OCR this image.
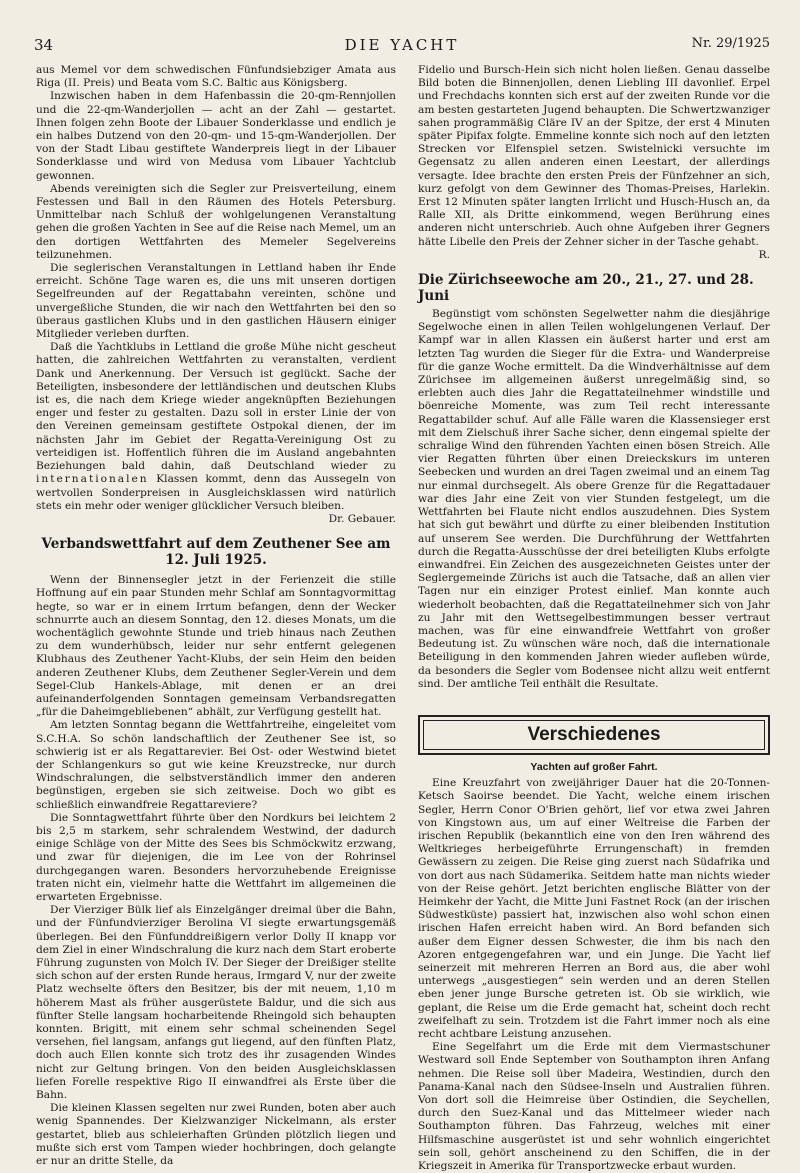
34	DIE YACHT	Nr. 29/1925

aus Memel vor dem schwedischen Fünfundsiebziger Amata aus Riga (II. Preis) und Beata vom S.C. Baltic aus Königsberg.

Inzwischen haben in dem Hafenbassin die 20-qm-Rennjollen und die 22-qm-Wanderjollen — acht an der Zahl — gestartet. Ihnen folgen zehn Boote der Libauer Sonderklasse und endlich je ein halbes Dutzend von den 20-qm- und 15-qm-Wanderjollen. Der von der Stadt Libau gestiftete Wanderpreis liegt in der Libauer Sonderklasse und wird von Medusa vom Libauer Yachtclub gewonnen.

Abends vereinigten sich die Segler zur Preisverteilung, einem Festessen und Ball in den Räumen des Hotels Petersburg. Unmittelbar nach Schluß der wohlgelungenen Veranstaltung gehen die großen Yachten in See auf die Reise nach Memel, um an den dortigen Wettfahrten des Memeler Segelvereins teilzunehmen.

Die seglerischen Veranstaltungen in Lettland haben ihr Ende erreicht. Schöne Tage waren es, die uns mit unseren dortigen Segelfreunden auf der Regattabahn vereinten, schöne und unvergeßliche Stunden, die wir nach den Wettfahrten bei den so überaus gastlichen Klubs und in den gastlichen Häusern einiger Mitglieder verleben durften.

Daß die Yachtklubs in Lettland die große Mühe nicht gescheut hatten, die zahlreichen Wettfahrten zu veranstalten, verdient Dank und Anerkennung. Der Versuch ist geglückt. Sache der Beteiligten, insbesondere der lettländischen und deutschen Klubs ist es, die nach dem Kriege wieder angeknüpften Beziehungen enger und fester zu gestalten. Dazu soll in erster Linie der von den Vereinen gemeinsam gestiftete Ostpokal dienen, der im nächsten Jahr im Gebiet der Regatta-Vereinigung Ost zu verteidigen ist. Hoffentlich führen die im Ausland angebahnten Beziehungen bald dahin, daß Deutschland wieder zu internationalen Klassen kommt, denn das Aussegeln von wertvollen Sonderpreisen in Ausgleichsklassen wird natürlich stets ein mehr oder weniger glücklicher Versuch bleiben.

Dr. Gebauer.
Verbandswettfahrt auf dem Zeuthener See am 12. Juli 1925.

Wenn der Binnensegler jetzt in der Ferienzeit die stille Hoffnung auf ein paar Stunden mehr Schlaf am Sonntagvormittag hegte, so war er in einem Irrtum befangen, denn der Wecker schnurrte auch an diesem Sonntag, den 12. dieses Monats, um die wochentäglich gewohnte Stunde und trieb hinaus nach Zeuthen zu dem wunderhübsch, leider nur sehr entfernt gelegenen Klubhaus des Zeuthener Yacht-Klubs, der sein Heim den beiden anderen Zeuthener Klubs, dem Zeuthener Segler-Verein und dem Segel-Club Hankels-Ablage, mit denen er an drei aufeinanderfolgenden Sonntagen gemeinsam Verbandsregatten „für die Daheimgebliebenen“ abhält, zur Verfügung gestellt hat.

Am letzten Sonntag begann die Wettfahrtreihe, eingeleitet vom S.C.H.A. So schön landschaftlich der Zeuthener See ist, so schwierig ist er als Regattarevier. Bei Ost- oder Westwind bietet der Schlangenkurs so gut wie keine Kreuzstrecke, nur durch Windschralungen, die selbstverständlich immer den anderen begünstigen, ergeben sie sich zeitweise. Doch wo gibt es schließlich einwandfreie Regattareviere?

Die Sonntagwettfahrt führte über den Nordkurs bei leichtem 2 bis 2,5 m starkem, sehr schralendem Westwind, der dadurch einige Schläge von der Mitte des Sees bis Schmöckwitz erzwang, und zwar für diejenigen, die im Lee von der Rohrinsel durchgegangen waren. Besonders hervorzuhebende Ereignisse traten nicht ein, vielmehr hatte die Wettfahrt im allgemeinen die erwarteten Ergebnisse.

Der Vierziger Bülk lief als Einzelgänger dreimal über die Bahn, und der Fünfundvierziger Berolina VI siegte erwartungsgemäß überlegen. Bei den Fünfunddreißigern verlor Dolly II knapp vor dem Ziel in einer Windschralung die kurz nach dem Start eroberte Führung zugunsten von Molch IV. Der Sieger der Dreißiger stellte sich schon auf der ersten Runde heraus, Irmgard V, nur der zweite Platz wechselte öfters den Besitzer, bis der mit neuem, 1,10 m höherem Mast als früher ausgerüstete Baldur, und die sich aus fünfter Stelle langsam hocharbeitende Rheingold sich behaupten konnten. Brigitt, mit einem sehr schmal scheinenden Segel versehen, fiel langsam, anfangs gut liegend, auf den fünften Platz, doch auch Ellen konnte sich trotz des ihr zusagenden Windes nicht zur Geltung bringen. Von den beiden Ausgleichsklassen liefen Forelle respektive Rigo II einwandfrei als Erste über die Bahn.

Die kleinen Klassen segelten nur zwei Runden, boten aber auch wenig Spannendes. Der Kielzwanziger Nickelmann, als erster gestartet, blieb aus schleierhaften Gründen plötzlich liegen und mußte sich erst vom Tampen wieder hochbringen, doch gelangte er nur an dritte Stelle, da

Fidelio und Bursch-Hein sich nicht holen ließen. Genau dasselbe Bild boten die Binnenjollen, denen Liebling III davonlief. Erpel und Frechdachs konnten sich erst auf der zweiten Runde vor die am besten gestarteten Jugend behaupten. Die Schwertzwanziger sahen programmäßig Cläre IV an der Spitze, der erst 4 Minuten später Pipifax folgte. Emmeline konnte sich noch auf den letzten Strecken vor Elfenspiel setzen. Swistelnicki versuchte im Gegensatz zu allen anderen einen Leestart, der allerdings versagte. Idee brachte den ersten Preis der Fünfzehner an sich, kurz gefolgt von dem Gewinner des Thomas-Preises, Harlekin. Erst 12 Minuten später langten Irrlicht und Husch-Husch an, da Ralle XII, als Dritte einkommend, wegen Berührung eines anderen nicht unterschrieb. Auch ohne Aufgeben ihrer Gegners hätte Libelle den Preis der Zehner sicher in der Tasche gehabt.

R.
Die Zürichseewoche am 20., 21., 27. und 28. Juni

Begünstigt vom schönsten Segelwetter nahm die diesjährige Segelwoche einen in allen Teilen wohlgelungenen Verlauf. Der Kampf war in allen Klassen ein äußerst harter und erst am letzten Tag wurden die Sieger für die Extra- und Wanderpreise für die ganze Woche ermittelt. Da die Windverhältnisse auf dem Zürichsee im allgemeinen äußerst unregelmäßig sind, so erlebten auch dies Jahr die Regattateilnehmer windstille und böenreiche Momente, was zum Teil recht interessante Regattabilder schuf. Auf alle Fälle waren die Klassensieger erst mit dem Zielschuß ihrer Sache sicher, denn eingemal spielte der schralige Wind den führenden Yachten einen bösen Streich. Alle vier Regatten führten über einen Dreieckskurs im unteren Seebecken und wurden an drei Tagen zweimal und an einem Tag nur einmal durchsegelt. Als obere Grenze für die Regattadauer war dies Jahr eine Zeit von vier Stunden festgelegt, um die Wettfahrten bei Flaute nicht endlos auszudehnen. Dies System hat sich gut bewährt und dürfte zu einer bleibenden Institution auf unserem See werden. Die Durchführung der Wettfahrten durch die Regatta-Ausschüsse der drei beteiligten Klubs erfolgte einwandfrei. Ein Zeichen des ausgezeichneten Geistes unter der Seglergemeinde Zürichs ist auch die Tatsache, daß an allen vier Tagen nur ein einziger Protest einlief. Man konnte auch wiederholt beobachten, daß die Regattateilnehmer sich von Jahr zu Jahr mit den Wettsegelbestimmungen besser vertraut machen, was für eine einwandfreie Wettfahrt von großer Bedeutung ist. Zu wünschen wäre noch, daß die internationale Beteiligung in den kommenden Jahren wieder aufleben würde, da besonders die Segler vom Bodensee nicht allzu weit entfernt sind. Der amtliche Teil enthält die Resultate.

Verschiedenes
Yachten auf großer Fahrt.

Eine Kreuzfahrt von zweijähriger Dauer hat die 20-Tonnen-Ketsch Saoirse beendet. Die Yacht, welche einem irischen Segler, Herrn Conor O'Brien gehört, lief vor etwa zwei Jahren von Kingstown aus, um auf einer Weltreise die Farben der irischen Republik (bekanntlich eine von den Iren während des Weltkrieges herbeigeführte Errungenschaft) in fremden Gewässern zu zeigen. Die Reise ging zuerst nach Südafrika und von dort aus nach Südamerika. Seitdem hatte man nichts wieder von der Reise gehört. Jetzt berichten englische Blätter von der Heimkehr der Yacht, die Mitte Juni Fastnet Rock (an der irischen Südwestküste) passiert hat, inzwischen also wohl schon einen irischen Hafen erreicht haben wird. An Bord befanden sich außer dem Eigner dessen Schwester, die ihm bis nach den Azoren entgegengefahren war, und ein Junge. Die Yacht lief seinerzeit mit mehreren Herren an Bord aus, die aber wohl unterwegs „ausgestiegen“ sein werden und an deren Stellen eben jener junge Bursche getreten ist. Ob sie wirklich, wie geplant, die Reise um die Erde gemacht hat, scheint doch recht zweifelhaft zu sein. Trotzdem ist die Fahrt immer noch als eine recht achtbare Leistung anzusehen.

Eine Segelfahrt um die Erde mit dem Viermastschuner Westward soll Ende September von Southampton ihren Anfang nehmen. Die Reise soll über Madeira, Westindien, durch den Panama-Kanal nach den Südsee-Inseln und Australien führen. Von dort soll die Heimreise über Ostindien, die Seychellen, durch den Suez-Kanal und das Mittelmeer wieder nach Southampton führen. Das Fahrzeug, welches mit einer Hilfsmaschine ausgerüstet ist und sehr wohnlich eingerichtet sein soll, gehört anscheinend zu den Schiffen, die in der Kriegszeit in Amerika für Transportzwecke erbaut wurden.
